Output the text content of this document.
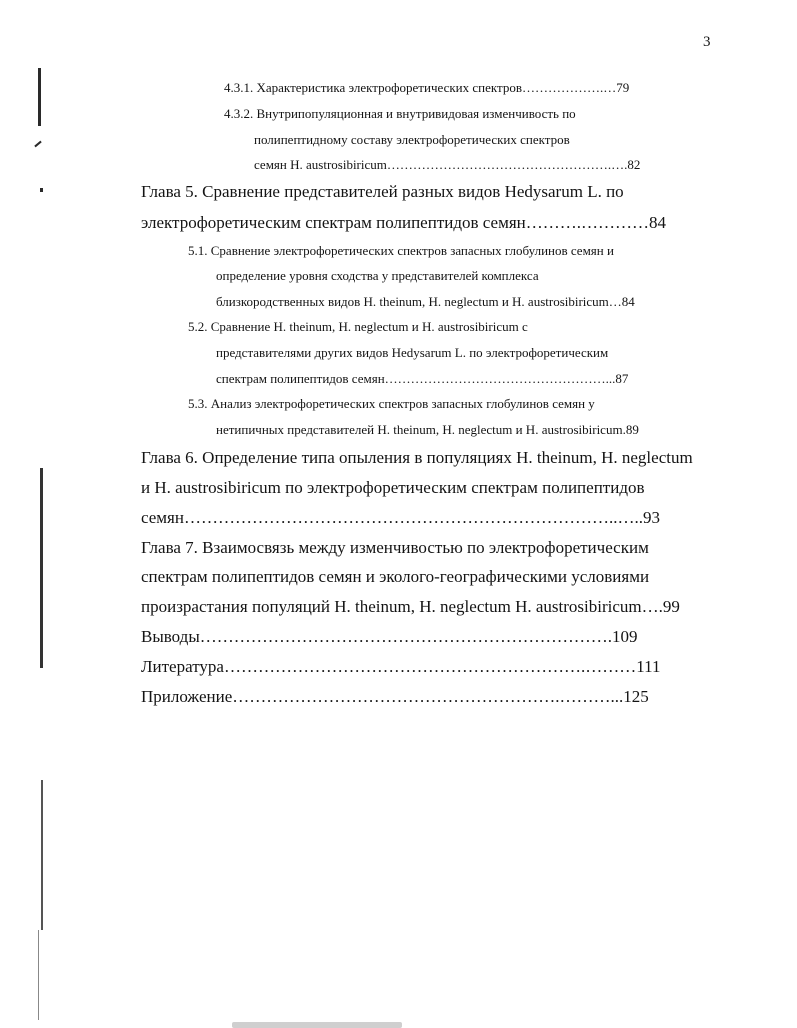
3
4.3.1. Характеристика электрофоретических спектров……………….…79
4.3.2. Внутрипопуляционная и внутривидовая изменчивость по
полипептидному составу электрофоретических спектров
семян H. austrosibiricum…………………………………………….….82
Глава 5. Сравнение представителей разных видов Hedysarum L. по
электрофоретическим спектрам полипептидов семян……….…………84
5.1. Сравнение электрофоретических спектров запасных глобулинов семян и
определение уровня сходства у представителей комплекса
близкородственных видов H. theinum, H. neglectum и H. austrosibiricum…84
5.2. Сравнение H. theinum, H. neglectum и H. austrosibiricum с
представителями других видов Hedysarum L. по электрофоретическим
спектрам полипептидов семян……………………………………………...87
5.3. Анализ электрофоретических спектров запасных глобулинов семян у
нетипичных представителей H. theinum, H. neglectum и H. austrosibiricum.89
Глава 6. Определение типа опыления в популяциях H. theinum, H. neglectum
и H. austrosibiricum по электрофоретическим спектрам полипептидов
семян…………………………………………………………………..…..93
Глава 7. Взаимосвязь между изменчивостью по электрофоретическим
спектрам полипептидов семян и эколого-географическими условиями
произрастания популяций H. theinum, H. neglectum H. austrosibiricum….99
Выводы……………………………………………………………….109
Литература……………………………………………………….………111
Приложение………………………………………………….………...125
